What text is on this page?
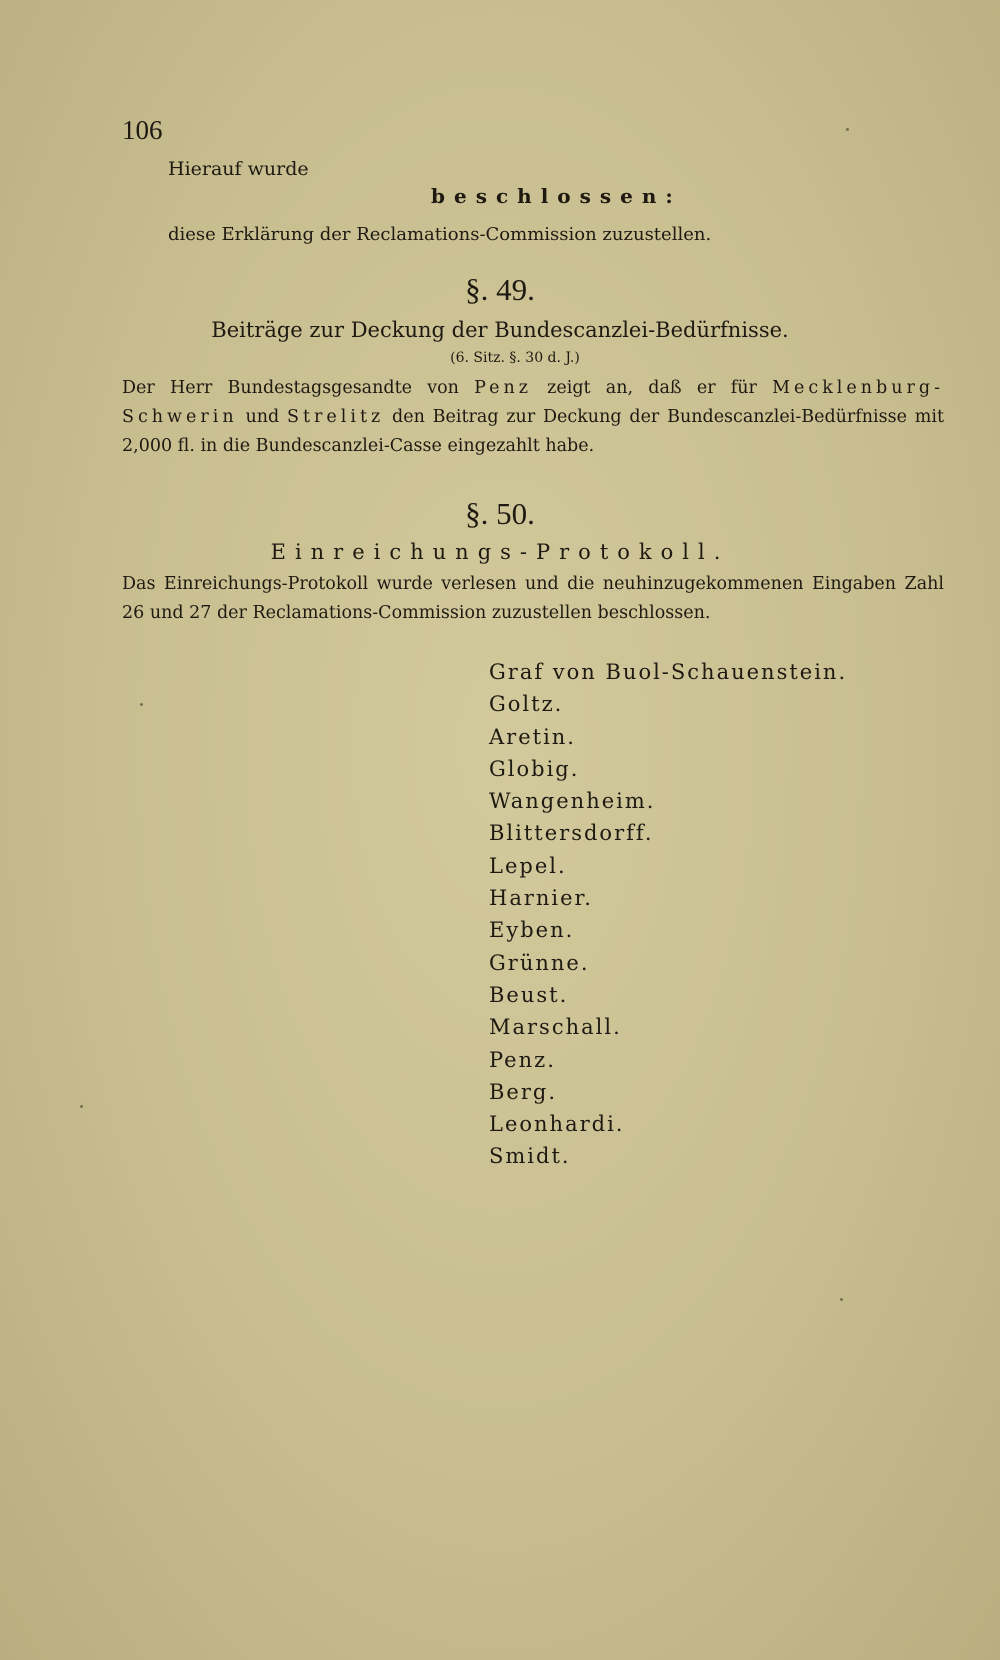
106
Hierauf wurde
beschlossen:
diese Erklärung der Reclamations-Commission zuzustellen.
§. 49.
Beiträge zur Deckung der Bundescanzlei-Bedürfnisse.
(6. Sitz. §. 30 d. J.)
Der Herr Bundestagsgesandte von Penz zeigt an, daß er für Mecklenburg-Schwerin und Strelitz den Beitrag zur Deckung der Bundescanzlei-Bedürfnisse mit 2,000 fl. in die Bundescanzlei-Casse eingezahlt habe.
§. 50.
Einreichungs-Protokoll.
Das Einreichungs-Protokoll wurde verlesen und die neuhinzugekommenen Eingaben Zahl 26 und 27 der Reclamations-Commission zuzustellen beschlossen.
Graf von Buol-Schauenstein.
Goltz.
Aretin.
Globig.
Wangenheim.
Blittersdorff.
Lepel.
Harnier.
Eyben.
Grünne.
Beust.
Marschall.
Penz.
Berg.
Leonhardi.
Smidt.
